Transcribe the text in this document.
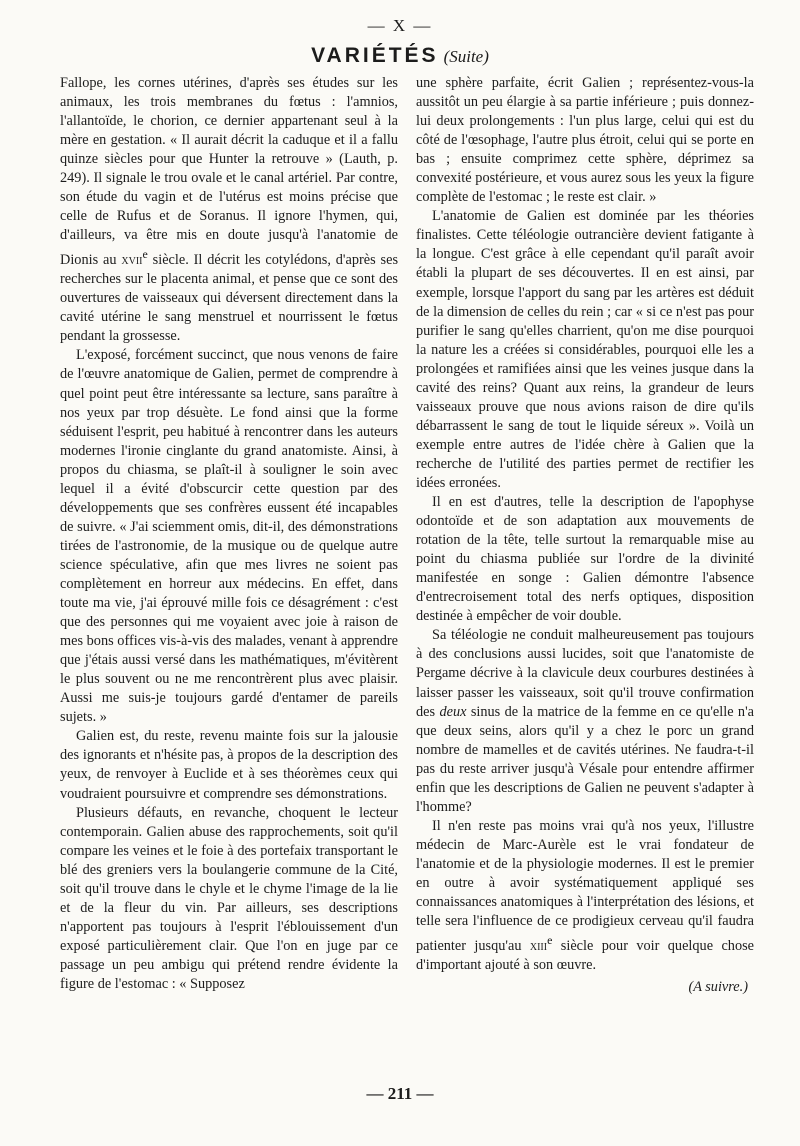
— X —
VARIÉTÉS (Suite)

Fallope, les cornes utérines, d'après ses études sur les animaux, les trois membranes du fœtus : l'amnios, l'allantoïde, le chorion, ce dernier appartenant seul à la mère en gestation. « Il aurait décrit la caduque et il a fallu quinze siècles pour que Hunter la retrouve » (Lauth, p. 249). Il signale le trou ovale et le canal artériel. Par contre, son étude du vagin et de l'utérus est moins précise que celle de Rufus et de Soranus. Il ignore l'hymen, qui, d'ailleurs, va être mis en doute jusqu'à l'anatomie de Dionis au xvii$^e$ siècle. Il décrit les cotylédons, d'après ses recherches sur le placenta animal, et pense que ce sont des ouvertures de vaisseaux qui déversent directement dans la cavité utérine le sang menstruel et nourrissent le fœtus pendant la grossesse.

L'exposé, forcément succinct, que nous venons de faire de l'œuvre anatomique de Galien, permet de comprendre à quel point peut être intéressante sa lecture, sans paraître à nos yeux par trop désuète. Le fond ainsi que la forme séduisent l'esprit, peu habitué à rencontrer dans les auteurs modernes l'ironie cinglante du grand anatomiste. Ainsi, à propos du chiasma, se plaît-il à souligner le soin avec lequel il a évité d'obscurcir cette question par des développements que ses confrères eussent été incapables de suivre. « J'ai sciemment omis, dit-il, des démonstrations tirées de l'astronomie, de la musique ou de quelque autre science spéculative, afin que mes livres ne soient pas complètement en horreur aux médecins. En effet, dans toute ma vie, j'ai éprouvé mille fois ce désagrément : c'est que des personnes qui me voyaient avec joie à raison de mes bons offices vis-à-vis des malades, venant à apprendre que j'étais aussi versé dans les mathématiques, m'évitèrent le plus souvent ou ne me rencontrèrent plus avec plaisir. Aussi me suis-je toujours gardé d'entamer de pareils sujets. »

Galien est, du reste, revenu mainte fois sur la jalousie des ignorants et n'hésite pas, à propos de la description des yeux, de renvoyer à Euclide et à ses théorèmes ceux qui voudraient poursuivre et comprendre ses démonstrations.

Plusieurs défauts, en revanche, choquent le lecteur contemporain. Galien abuse des rapprochements, soit qu'il compare les veines et le foie à des portefaix transportant le blé des greniers vers la boulangerie commune de la Cité, soit qu'il trouve dans le chyle et le chyme l'image de la lie et de la fleur du vin. Par ailleurs, ses descriptions n'apportent pas toujours à l'esprit l'éblouissement d'un exposé particulièrement clair. Que l'on en juge par ce passage un peu ambigu qui prétend rendre évidente la figure de l'estomac : « Supposez

une sphère parfaite, écrit Galien ; représentez-vous-la aussitôt un peu élargie à sa partie inférieure ; puis donnez-lui deux prolongements : l'un plus large, celui qui est du côté de l'œsophage, l'autre plus étroit, celui qui se porte en bas ; ensuite comprimez cette sphère, déprimez sa convexité postérieure, et vous aurez sous les yeux la figure complète de l'estomac ; le reste est clair. »

L'anatomie de Galien est dominée par les théories finalistes. Cette téléologie outrancière devient fatigante à la longue. C'est grâce à elle cependant qu'il paraît avoir établi la plupart de ses découvertes. Il en est ainsi, par exemple, lorsque l'apport du sang par les artères est déduit de la dimension de celles du rein ; car « si ce n'est pas pour purifier le sang qu'elles charrient, qu'on me dise pourquoi la nature les a créées si considérables, pourquoi elle les a prolongées et ramifiées ainsi que les veines jusque dans la cavité des reins? Quant aux reins, la grandeur de leurs vaisseaux prouve que nous avions raison de dire qu'ils débarrassent le sang de tout le liquide séreux ». Voilà un exemple entre autres de l'idée chère à Galien que la recherche de l'utilité des parties permet de rectifier les idées erronées.

Il en est d'autres, telle la description de l'apophyse odontoïde et de son adaptation aux mouvements de rotation de la tête, telle surtout la remarquable mise au point du chiasma publiée sur l'ordre de la divinité manifestée en songe : Galien démontre l'absence d'entrecroisement total des nerfs optiques, disposition destinée à empêcher de voir double.

Sa téléologie ne conduit malheureusement pas toujours à des conclusions aussi lucides, soit que l'anatomiste de Pergame décrive à la clavicule deux courbures destinées à laisser passer les vaisseaux, soit qu'il trouve confirmation des deux sinus de la matrice de la femme en ce qu'elle n'a que deux seins, alors qu'il y a chez le porc un grand nombre de mamelles et de cavités utérines. Ne faudra-t-il pas du reste arriver jusqu'à Vésale pour entendre affirmer enfin que les descriptions de Galien ne peuvent s'adapter à l'homme?

Il n'en reste pas moins vrai qu'à nos yeux, l'illustre médecin de Marc-Aurèle est le vrai fondateur de l'anatomie et de la physiologie modernes. Il est le premier en outre à avoir systématiquement appliqué ses connaissances anatomiques à l'interprétation des lésions, et telle sera l'influence de ce prodigieux cerveau qu'il faudra patienter jusqu'au xiii$^e$ siècle pour voir quelque chose d'important ajouté à son œuvre.

(A suivre.)
— 211 —
